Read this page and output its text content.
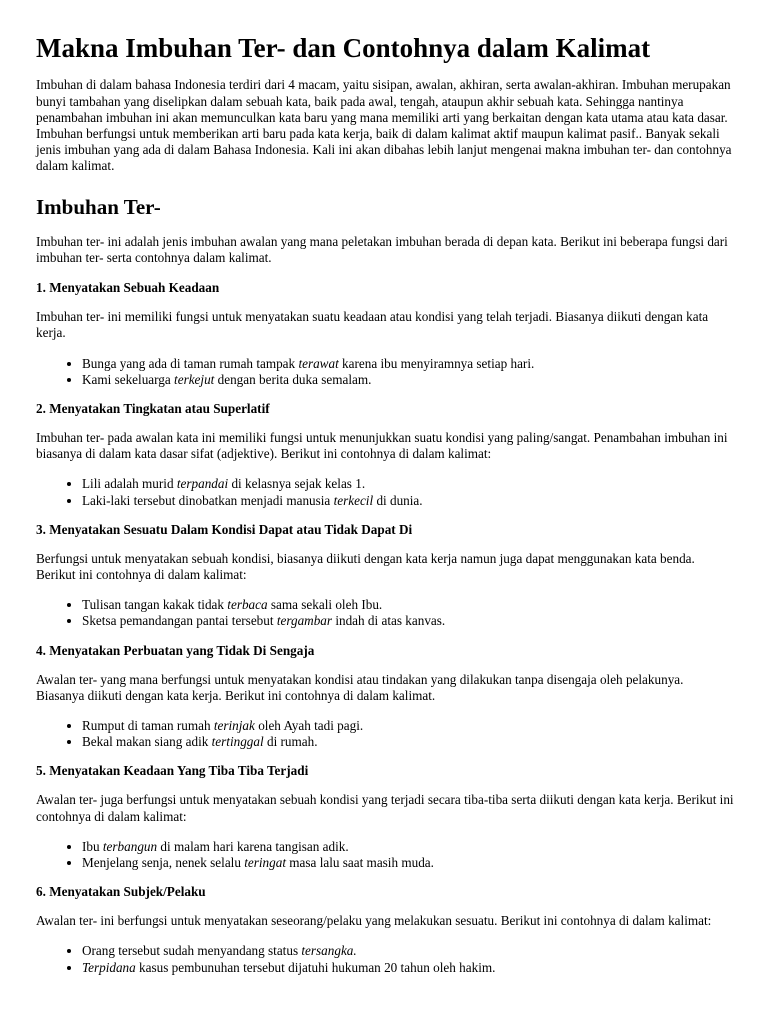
Makna Imbuhan Ter- dan Contohnya dalam Kalimat

Imbuhan di dalam bahasa Indonesia terdiri dari 4 macam, yaitu sisipan, awalan, akhiran, serta awalan-akhiran. Imbuhan merupakan bunyi tambahan yang diselipkan dalam sebuah kata, baik pada awal, tengah, ataupun akhir sebuah kata. Sehingga nantinya penambahan imbuhan ini akan memunculkan kata baru yang mana memiliki arti yang berkaitan dengan kata utama atau kata dasar. Imbuhan berfungsi untuk memberikan arti baru pada kata kerja, baik di dalam kalimat aktif maupun kalimat pasif.. Banyak sekali jenis imbuhan yang ada di dalam Bahasa Indonesia. Kali ini akan dibahas lebih lanjut mengenai makna imbuhan ter- dan contohnya dalam kalimat.

Imbuhan Ter-

Imbuhan ter- ini adalah jenis imbuhan awalan yang mana peletakan imbuhan berada di depan kata. Berikut ini beberapa fungsi dari imbuhan ter- serta contohnya dalam kalimat.

1. Menyatakan Sebuah Keadaan

Imbuhan ter- ini memiliki fungsi untuk menyatakan suatu keadaan atau kondisi yang telah terjadi. Biasanya diikuti dengan kata kerja.

• Bunga yang ada di taman rumah tampak terawat karena ibu menyiramnya setiap hari.
• Kami sekeluarga terkejut dengan berita duka semalam.
2. Menyatakan Tingkatan atau Superlatif

Imbuhan ter- pada awalan kata ini memiliki fungsi untuk menunjukkan suatu kondisi yang paling/sangat. Penambahan imbuhan ini biasanya di dalam kata dasar sifat (adjektive). Berikut ini contohnya di dalam kalimat:

• Lili adalah murid terpandai di kelasnya sejak kelas 1.
• Laki-laki tersebut dinobatkan menjadi manusia terkecil di dunia.
3. Menyatakan Sesuatu Dalam Kondisi Dapat atau Tidak Dapat Di

Berfungsi untuk menyatakan sebuah kondisi, biasanya diikuti dengan kata kerja namun juga dapat menggunakan kata benda. Berikut ini contohnya di dalam kalimat:

• Tulisan tangan kakak tidak terbaca sama sekali oleh Ibu.
• Sketsa pemandangan pantai tersebut tergambar indah di atas kanvas.
4. Menyatakan Perbuatan yang Tidak Di Sengaja

Awalan ter- yang mana berfungsi untuk menyatakan kondisi atau tindakan yang dilakukan tanpa disengaja oleh pelakunya. Biasanya diikuti dengan kata kerja. Berikut ini contohnya di dalam kalimat.

• Rumput di taman rumah terinjak oleh Ayah tadi pagi.
• Bekal makan siang adik tertinggal di rumah.
5. Menyatakan Keadaan Yang Tiba Tiba Terjadi

Awalan ter- juga berfungsi untuk menyatakan sebuah kondisi yang terjadi secara tiba-tiba serta diikuti dengan kata kerja. Berikut ini contohnya di dalam kalimat:

• Ibu terbangun di malam hari karena tangisan adik.
• Menjelang senja, nenek selalu teringat masa lalu saat masih muda.
6. Menyatakan Subjek/Pelaku

Awalan ter- ini berfungsi untuk menyatakan seseorang/pelaku yang melakukan sesuatu. Berikut ini contohnya di dalam kalimat:

• Orang tersebut sudah menyandang status tersangka.
• Terpidana kasus pembunuhan tersebut dijatuhi hukuman 20 tahun oleh hakim.
